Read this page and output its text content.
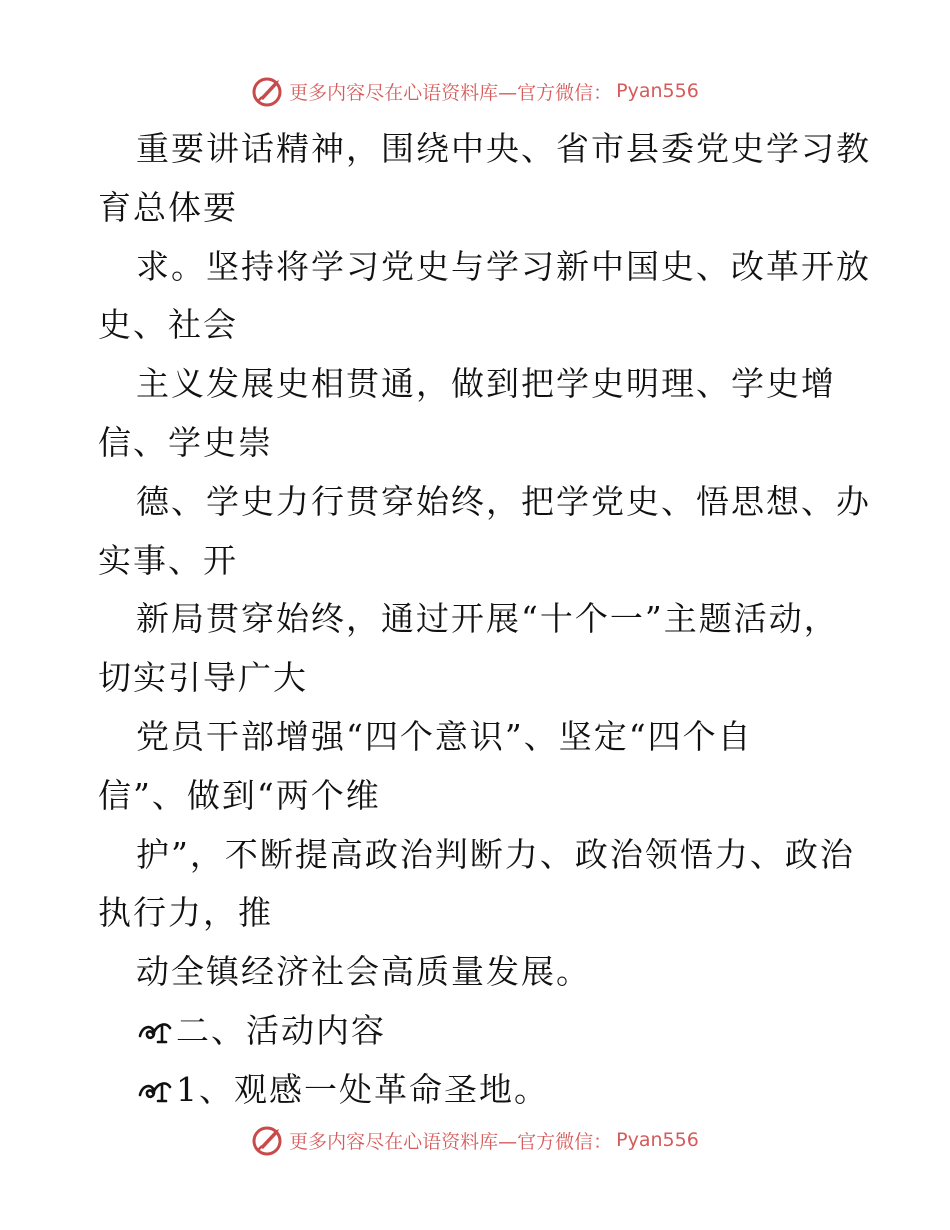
更多内容尽在心语资料库—官方微信： Pyan556
重要讲话精神，围绕中央、省市县委党史学习教
育总体要
求。坚持将学习党史与学习新中国史、改革开放
史、社会
主义发展史相贯通，做到把学史明理、学史增
信、学史崇
德、学史力行贯穿始终，把学党史、悟思想、办
实事、开
新局贯穿始终，通过开展“十个一”主题活动，
切实引导广大
党员干部增强“四个意识”、坚定“四个自
信”、做到“两个维
护”，不断提高政治判断力、政治领悟力、政治
执行力，推
动全镇经济社会高质量发展。
二、活动内容
1、观感一处革命圣地。
更多内容尽在心语资料库—官方微信： Pyan556
